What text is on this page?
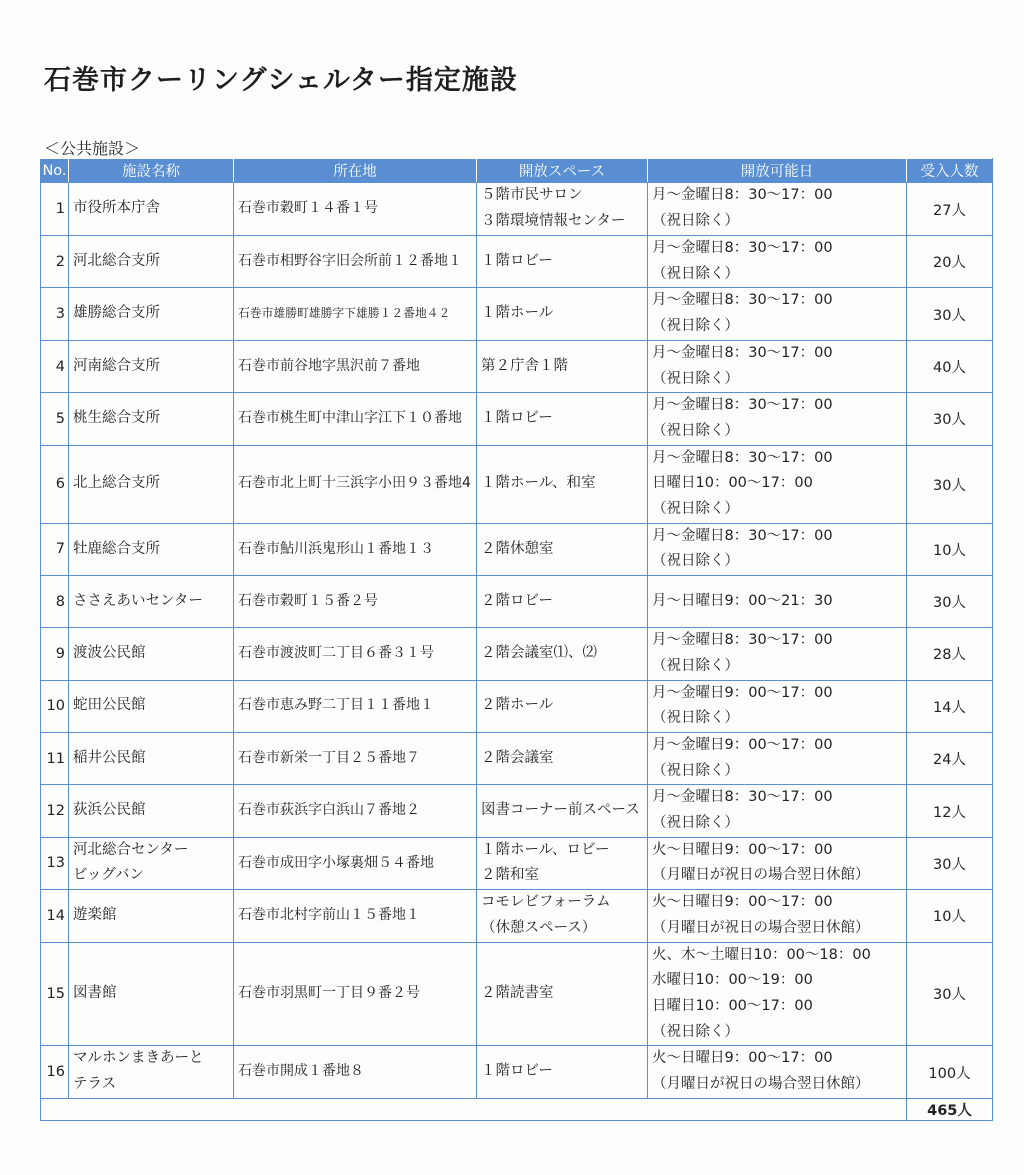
石巻市クーリングシェルター指定施設
＜公共施設＞
No.	施設名称	所在地	開放スペース	開放可能日	受入人数
1	市役所本庁舎	石巻市穀町１４番１号	５階市民サロン
３階環境情報センター	月～金曜日8：30～17：00
（祝日除く）	27人
2	河北総合支所	石巻市相野谷字旧会所前１２番地１	１階ロビー	月～金曜日8：30～17：00
（祝日除く）	20人
3	雄勝総合支所	石巻市雄勝町雄勝字下雄勝１２番地４２	１階ホール	月～金曜日8：30～17：00
（祝日除く）	30人
4	河南総合支所	石巻市前谷地字黒沢前７番地	第２庁舎１階	月～金曜日8：30～17：00
（祝日除く）	40人
5	桃生総合支所	石巻市桃生町中津山字江下１０番地	１階ロビー	月～金曜日8：30～17：00
（祝日除く）	30人
6	北上総合支所	石巻市北上町十三浜字小田９３番地4	１階ホール、和室	月～金曜日8：30～17：00
日曜日10：00～17：00
（祝日除く）	30人
7	牡鹿総合支所	石巻市鮎川浜鬼形山１番地１３	２階休憩室	月～金曜日8：30～17：00
（祝日除く）	10人
8	ささえあいセンター	石巻市穀町１５番２号	２階ロビー	月～日曜日9：00～21：30	30人
9	渡波公民館	石巻市渡波町二丁目６番３１号	２階会議室⑴、⑵	月～金曜日8：30～17：00
（祝日除く）	28人
10	蛇田公民館	石巻市恵み野二丁目１１番地１	２階ホール	月～金曜日9：00～17：00
（祝日除く）	14人
11	稲井公民館	石巻市新栄一丁目２５番地７	２階会議室	月～金曜日9：00～17：00
（祝日除く）	24人
12	荻浜公民館	石巻市荻浜字白浜山７番地２	図書コーナー前スペース	月～金曜日8：30～17：00
（祝日除く）	12人
13	河北総合センター
ビッグバン	石巻市成田字小塚裏畑５４番地	１階ホール、ロビー
２階和室	火～日曜日9：00～17：00
（月曜日が祝日の場合翌日休館）	30人
14	遊楽館	石巻市北村字前山１５番地１	コモレビフォーラム
（休憩スペース）	火～日曜日9：00～17：00
（月曜日が祝日の場合翌日休館）	10人
15	図書館	石巻市羽黒町一丁目９番２号	２階読書室	火、木～土曜日10：00～18：00
水曜日10：00～19：00
日曜日10：00～17：00
（祝日除く）	30人
16	マルホンまきあーと
テラス	石巻市開成１番地８	１階ロビー	火～日曜日9：00～17：00
（月曜日が祝日の場合翌日休館）	100人
					465人
